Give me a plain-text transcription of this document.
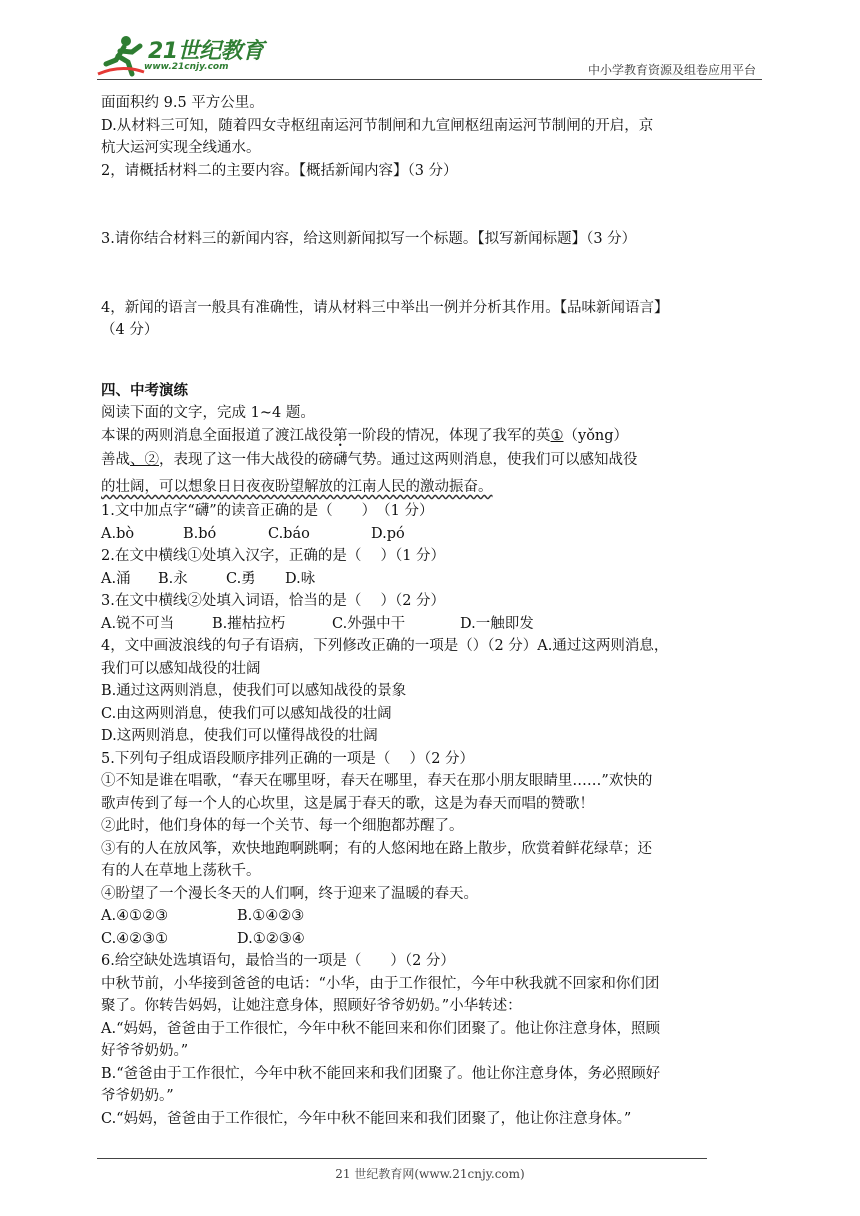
21世纪教育
www.21cnjy.com	中小学教育资源及组卷应用平台

面面积约 9.5 平方公里。

D.从材料三可知，随着四女寺枢纽南运河节制闸和九宣闸枢纽南运河节制闸的开启，京

杭大运河实现全线通水。

2，请概括材料二的主要内容。【概括新闻内容】（3 分）

3.请你结合材料三的新闻内容，给这则新闻拟写一个标题。【拟写新闻标题】（3 分）

4，新闻的语言一般具有准确性，请从材料三中举出一例并分析其作用。【品味新闻语言】

（4 分）

四、中考演练

阅读下面的文字，完成 1~4 题。

本课的两则消息全面报道了渡江战役第一阶段的情况，体现了我军的英①（yǒng）

善战、②，表现了这一伟大战役的磅礴气势。通过这两则消息，使我们可以感知战役

的壮阔，可以想象日日夜夜盼望解放的江南人民的激动振奋。

1.文中加点字“礴”的读音正确的是（　　）　（1 分）

A.bò	B.bó	C.báo	D.pó

2.在文中横线①处填入汉字，正确的是（　 ）（1 分）

A.涌	B.永	C.勇	D.咏

3.在文中横线②处填入词语，恰当的是（　 ）（2 分）

A.锐不可当	B.摧枯拉朽	C.外强中干	D.一触即发

4，文中画波浪线的句子有语病，下列修改正确的一项是（）（2 分）A.通过这两则消息，

我们可以感知战役的壮阔

B.通过这两则消息，使我们可以感知战役的景象

C.由这两则消息，使我们可以感知战役的壮阔

D.这两则消息，使我们可以懂得战役的壮阔

5.下列句子组成语段顺序排列正确的一项是（　 ）（2 分）

①不知是谁在唱歌，“春天在哪里呀，春天在哪里，春天在那小朋友眼睛里……”欢快的

歌声传到了每一个人的心坎里，这是属于春天的歌，这是为春天而唱的赞歌！

②此时，他们身体的每一个关节、每一个细胞都苏醒了。

③有的人在放风筝，欢快地跑啊跳啊；有的人悠闲地在路上散步，欣赏着鲜花绿草；还

有的人在草地上荡秋千。

④盼望了一个漫长冬天的人们啊，终于迎来了温暖的春天。

A.④①②③	B.①④②③

C.④②③①	D.①②③④

6.给空缺处选填语句，最恰当的一项是（　　）（2 分）

中秋节前，小华接到爸爸的电话：“小华，由于工作很忙，今年中秋我就不回家和你们团

聚了。你转告妈妈，让她注意身体，照顾好爷爷奶奶。”小华转述：

A.“妈妈，爸爸由于工作很忙，今年中秋不能回来和你们团聚了。他让你注意身体，照顾

好爷爷奶奶。”

B.“爸爸由于工作很忙，今年中秋不能回来和我们团聚了。他让你注意身体，务必照顾好

爷爷奶奶。”

C.“妈妈，爸爸由于工作很忙，今年中秋不能回来和我们团聚了，他让你注意身体。”

21 世纪教育网(www.21cnjy.com)
